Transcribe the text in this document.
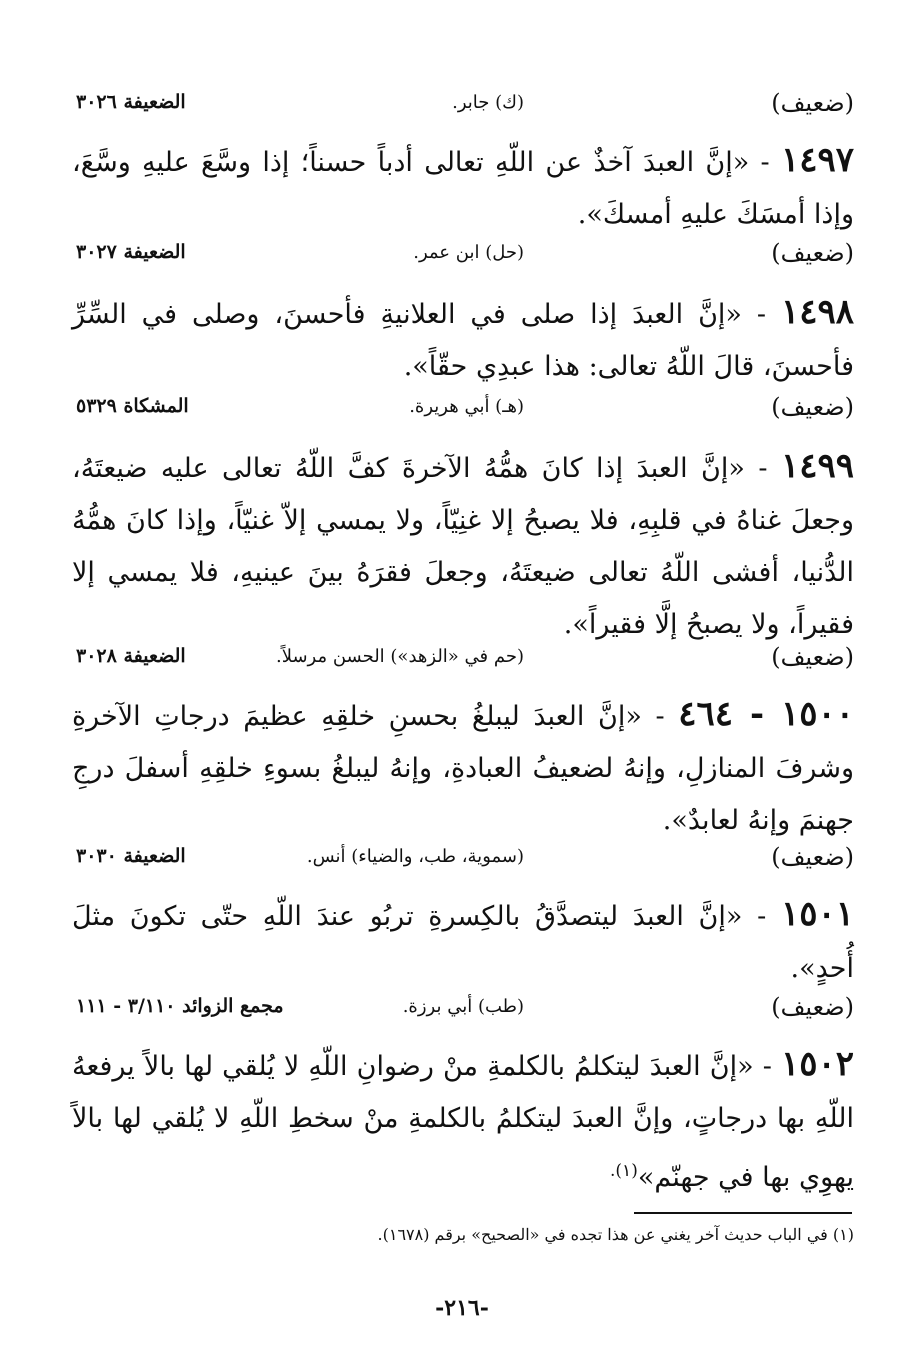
(ضعيف)
(ك) جابر.
الضعيفة ٣٠٢٦
١٤٩٧ - «إنَّ العبدَ آخذٌ عن اللّهِ تعالى أدباً حسناً؛ إذا وسَّعَ عليهِ وسَّعَ، وإذا أمسَكَ عليهِ أمسكَ».
(ضعيف)
(حل) ابن عمر.
الضعيفة ٣٠٢٧
١٤٩٨ - «إنَّ العبدَ إذا صلى في العلانيةِ فأحسنَ، وصلى في السِّرِّ فأحسنَ، قالَ اللّهُ تعالى: هذا عبدِي حقّاً».
(ضعيف)
(هـ) أبي هريرة.
المشكاة ٥٣٢٩
١٤٩٩ - «إنَّ العبدَ إذا كانَ همُّهُ الآخرةَ كفَّ اللّهُ تعالى عليه ضيعتَهُ، وجعلَ غناهُ في قلبِهِ، فلا يصبحُ إلا غنِيّاً، ولا يمسي إلاّ غنيّاً، وإذا كانَ همُّهُ الدُّنيا، أفشى اللّهُ تعالى ضيعتَهُ، وجعلَ فقرَهُ بينَ عينيهِ، فلا يمسي إلا فقيراً، ولا يصبحُ إلَّا فقيراً».
(ضعيف)
(حم في «الزهد») الحسن مرسلاً.
الضعيفة ٣٠٢٨
١٥٠٠ - ٤٦٤ - «إنَّ العبدَ ليبلغُ بحسنِ خلقِهِ عظيمَ درجاتِ الآخرةِ وشرفَ المنازلِ، وإنهُ لضعيفُ العبادةِ، وإنهُ ليبلغُ بسوءِ خلقِهِ أسفلَ درجِ جهنمَ وإنهُ لعابدٌ».
(ضعيف)
(سمویة، طب، والضیاء) أنس.
الضعيفة ٣٠٣٠
١٥٠١ - «إنَّ العبدَ ليتصدَّقُ بالكِسرةِ تربُو عندَ اللّهِ حتّى تكونَ مثلَ أُحدٍ».
(ضعيف)
(طب) أبي برزة.
مجمع الزوائد ٣/١١٠ - ١١١
١٥٠٢ - «إنَّ العبدَ ليتكلمُ بالكلمةِ منْ رضوانِ اللّهِ لا يُلقي لها بالاً يرفعهُ اللّهِ بها درجاتٍ، وإنَّ العبدَ ليتكلمُ بالكلمةِ منْ سخطِ اللّهِ لا يُلقي لها بالاً يهوِي بها في جهنّم»$^{(١).}$
(١) في الباب حديث آخر يغني عن هذا تجده في «الصحيح» برقم (١٦٧٨).
-٢١٦-
